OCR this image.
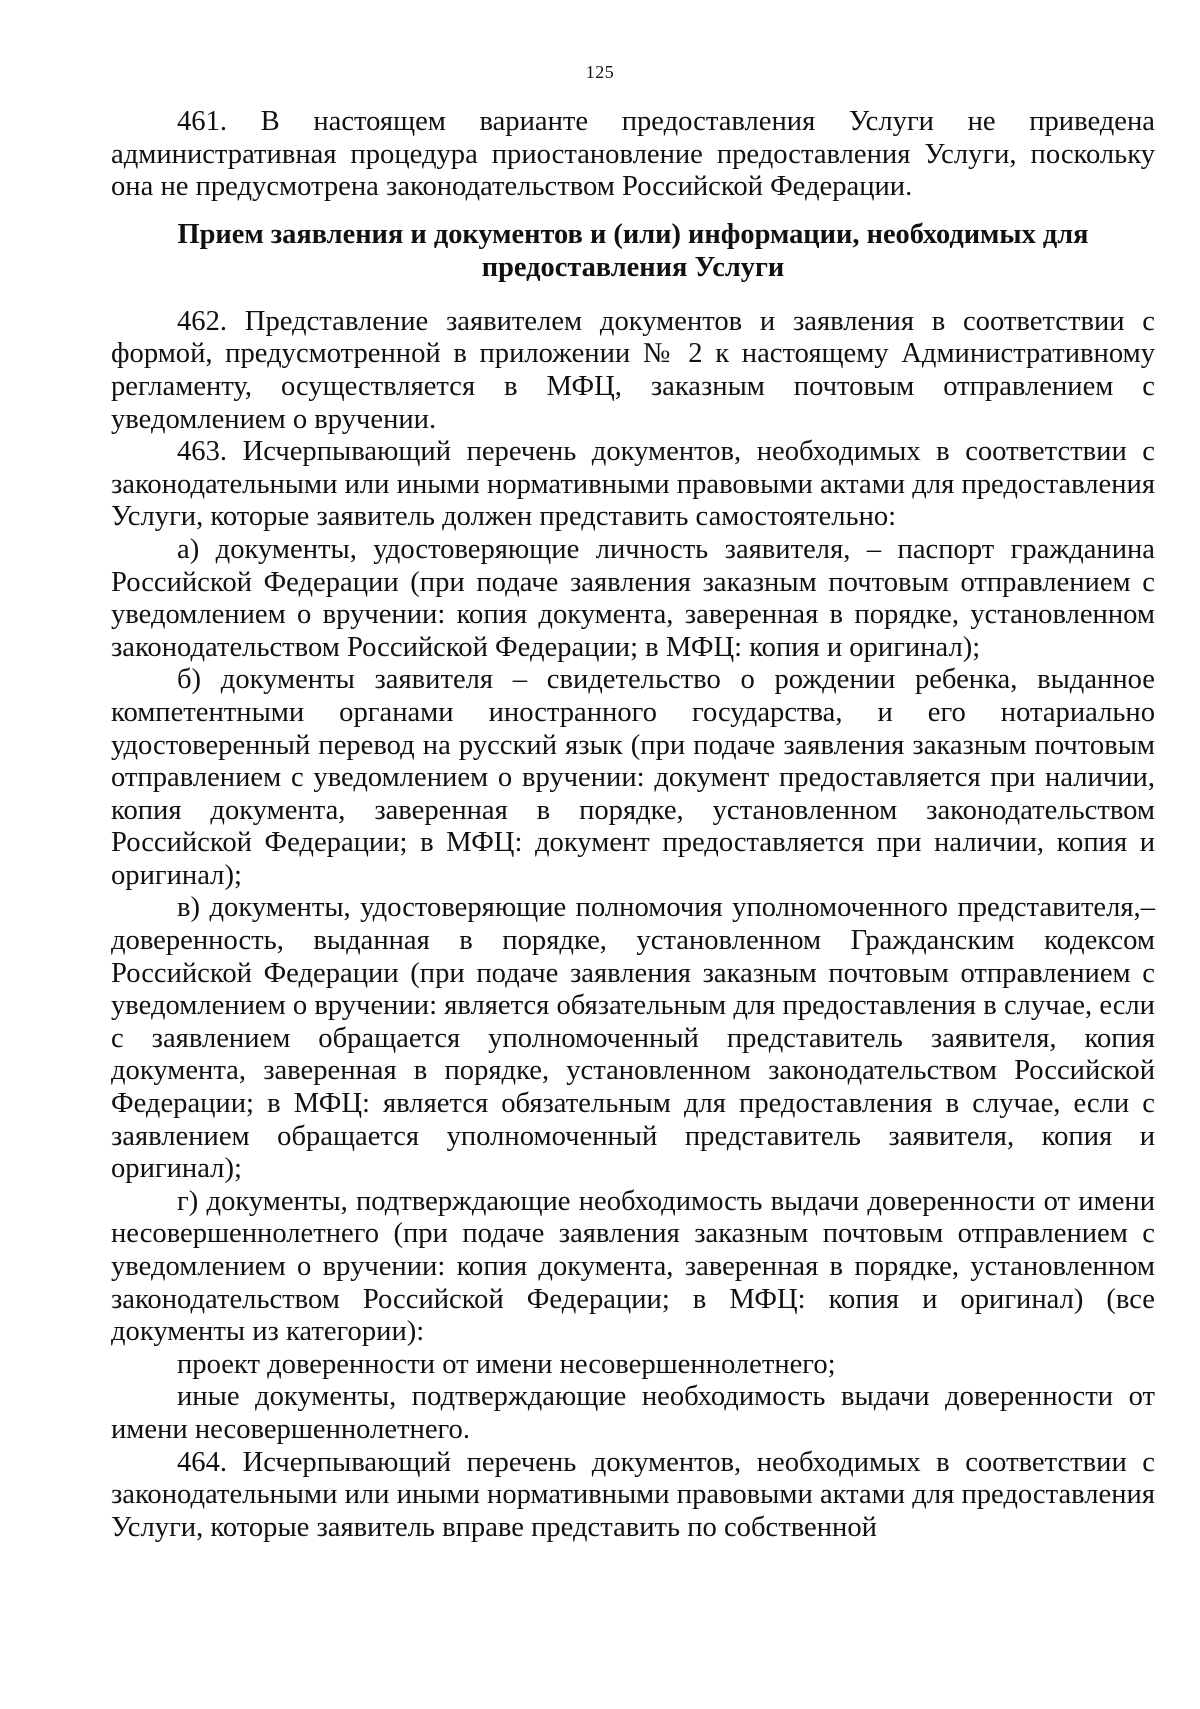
125

461. В настоящем варианте предоставления Услуги не приведена административная процедура приостановление предоставления Услуги, поскольку она не предусмотрена законодательством Российской Федерации.

Прием заявления и документов и (или) информации, необходимых для
предоставления Услуги

462. Представление заявителем документов и заявления в соответствии с формой, предусмотренной в приложении № 2 к настоящему Административному регламенту, осуществляется в МФЦ, заказным почтовым отправлением с уведомлением о вручении.

463. Исчерпывающий перечень документов, необходимых в соответствии с законодательными или иными нормативными правовыми актами для предоставления Услуги, которые заявитель должен представить самостоятельно:

а) документы, удостоверяющие личность заявителя, – паспорт гражданина Российской Федерации (при подаче заявления заказным почтовым отправлением с уведомлением о вручении: копия документа, заверенная в порядке, установленном законодательством Российской Федерации; в МФЦ: копия и оригинал);

б) документы заявителя – свидетельство о рождении ребенка, выданное компетентными органами иностранного государства, и его нотариально удостоверенный перевод на русский язык (при подаче заявления заказным почтовым отправлением с уведомлением о вручении: документ предоставляется при наличии, копия документа, заверенная в порядке, установленном законодательством Российской Федерации; в МФЦ: документ предоставляется при наличии, копия и оригинал);

в) документы, удостоверяющие полномочия уполномоченного представителя,– доверенность, выданная в порядке, установленном Гражданским кодексом Российской Федерации (при подаче заявления заказным почтовым отправлением с уведомлением о вручении: является обязательным для предоставления в случае, если с заявлением обращается уполномоченный представитель заявителя, копия документа, заверенная в порядке, установленном законодательством Российской Федерации; в МФЦ: является обязательным для предоставления в случае, если с заявлением обращается уполномоченный представитель заявителя, копия и оригинал);

г) документы, подтверждающие необходимость выдачи доверенности от имени несовершеннолетнего (при подаче заявления заказным почтовым отправлением с уведомлением о вручении: копия документа, заверенная в порядке, установленном законодательством Российской Федерации; в МФЦ: копия и оригинал) (все документы из категории):

проект доверенности от имени несовершеннолетнего;

иные документы, подтверждающие необходимость выдачи доверенности от имени несовершеннолетнего.

464. Исчерпывающий перечень документов, необходимых в соответствии с законодательными или иными нормативными правовыми актами для предоставления Услуги, которые заявитель вправе представить по собственной
